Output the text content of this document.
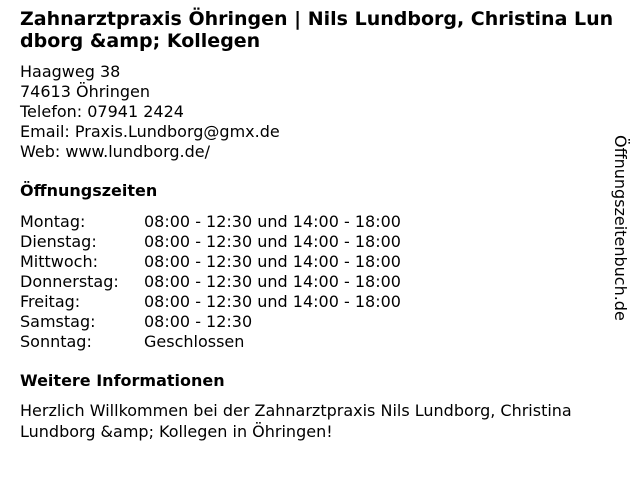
Zahnarztpraxis Öhringen | Nils Lundborg, Christina Lundborg &amp; Kollegen
Haagweg 38
74613 Öhringen
Telefon: 07941 2424
Email: Praxis.Lundborg@gmx.de
Web: www.lundborg.de/
Öffnungszeiten
Montag:	08:00 - 12:30 und 14:00 - 18:00
Dienstag:	08:00 - 12:30 und 14:00 - 18:00
Mittwoch:	08:00 - 12:30 und 14:00 - 18:00
Donnerstag:	08:00 - 12:30 und 14:00 - 18:00
Freitag:	08:00 - 12:30 und 14:00 - 18:00
Samstag:	08:00 - 12:30
Sonntag:	Geschlossen
Weitere Informationen

Herzlich Willkommen bei der Zahnarztpraxis Nils Lundborg, Christina Lundborg &amp; Kollegen in Öhringen!

Öffnungszeitenbuch.de
